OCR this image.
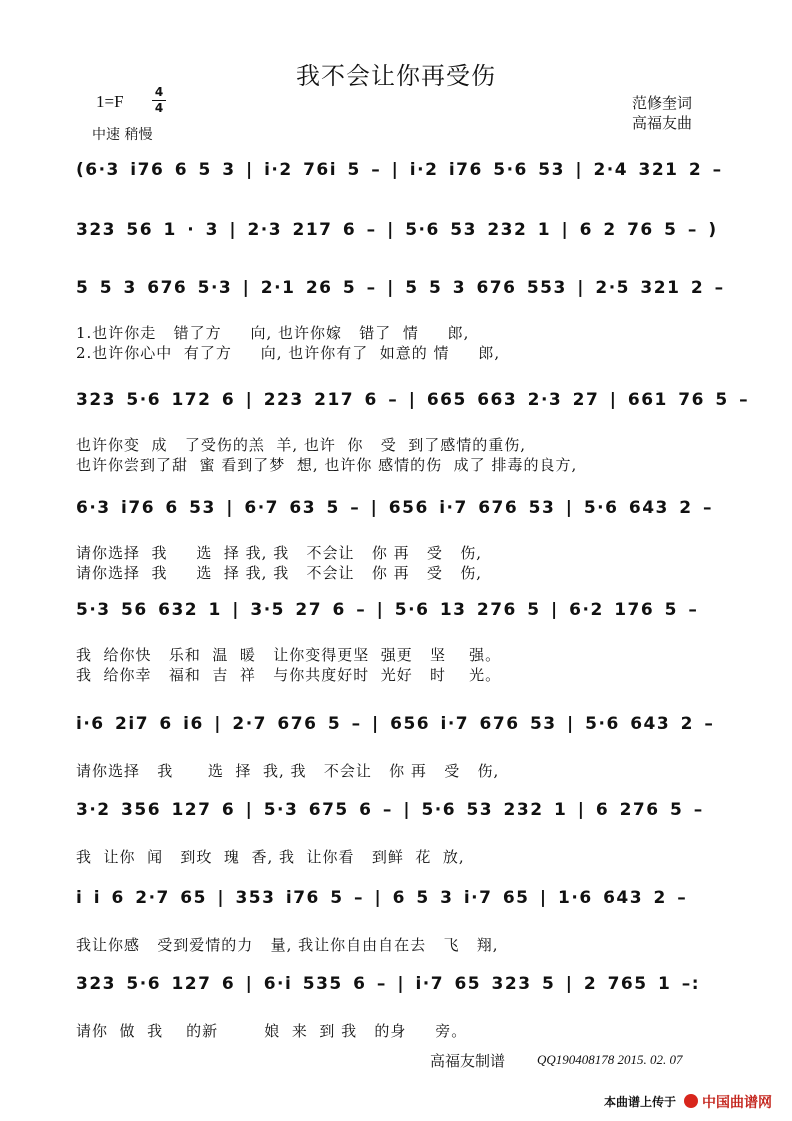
我不会让你再受伤
1=F	4
4
中速 稍慢
范修奎词
高福友曲
(6·3 i76 6 5 3 | i·2 76i 5 – | i·2 i76 5·6 53 | 2·4 321 2 –
323 56 1 · 3 | 2·3 217 6 – | 5·6 53 232 1 | 6 2 76 5 – )
5 5 3 676 5·3 | 2·1 26 5 – | 5 5 3 676 553 | 2·5 321 2 –
1.也许你走   错了方     向, 也许你嫁   错了  情     郎,
2.也许你心中  有了方     向, 也许你有了  如意的 情     郎,
323 5·6 172 6 | 223 217 6 – | 665 663 2·3 27 | 661 76 5 –
也许你变  成   了受伤的羔  羊, 也许  你   受  到了感情的重伤,
也许你尝到了甜  蜜 看到了梦  想, 也许你 感情的伤  成了 排毒的良方,
6·3 i76 6 53 | 6·7 63 5 – | 656 i·7 676 53 | 5·6 643 2 –
请你选择  我     选  择 我, 我   不会让   你 再   受   伤,
请你选择  我     选  择 我, 我   不会让   你 再   受   伤,
5·3 56 632 1 | 3·5 27 6 – | 5·6 13 276 5 | 6·2 176 5 –
我  给你快   乐和  温  暖   让你变得更坚  强更   坚    强。
我  给你幸   福和  吉  祥   与你共度好时  光好   时    光。
i·6 2i7 6 i6 | 2·7 676 5 – | 656 i·7 676 53 | 5·6 643 2 –
请你选择   我      选  择  我, 我   不会让   你 再   受   伤,
3·2 356 127 6 | 5·3 675 6 – | 5·6 53 232 1 | 6 276 5 –
我  让你  闻   到玫  瑰  香, 我  让你看   到鲜  花  放,
i i 6 2·7 65 | 353 i76 5 – | 6 5 3 i·7 65 | 1·6 643 2 –
我让你感   受到爱情的力   量, 我让你自由自在去   飞   翔,
323 5·6 127 6 | 6·i 535 6 – | i·7 65 323 5 | 2 765 1 –:
请你  做  我    的新        娘  来  到 我   的身     旁。
高福友制谱 QQ190408178 2015. 02. 07
本曲谱上传于 中国曲谱网
